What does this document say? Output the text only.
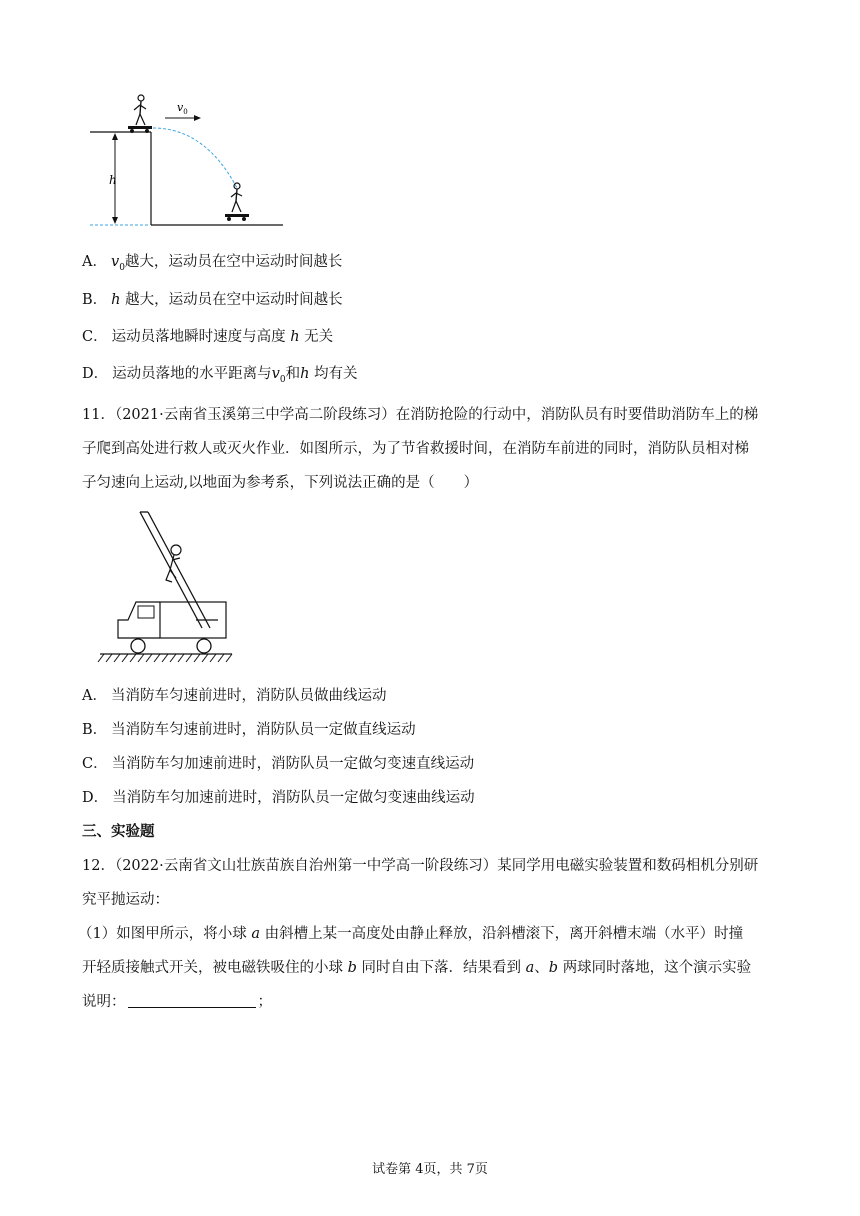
h
$v_0$
A． $v_0$越大，运动员在空中运动时间越长
B． h 越大，运动员在空中运动时间越长
C． 运动员落地瞬时速度与高度 h 无关
D． 运动员落地的水平距离与$v_0$和h 均有关
11．（2021·云南省玉溪第三中学高二阶段练习）在消防抢险的行动中，消防队员有时要借助消防车上的梯
子爬到高处进行救人或灭火作业．如图所示，为了节省救援时间，在消防车前进的同时，消防队员相对梯
子匀速向上运动,以地面为参考系，下列说法正确的是（　　）
A． 当消防车匀速前进时，消防队员做曲线运动
B． 当消防车匀速前进时，消防队员一定做直线运动
C． 当消防车匀加速前进时，消防队员一定做匀变速直线运动
D． 当消防车匀加速前进时，消防队员一定做匀变速曲线运动
三、实验题
12．（2022·云南省文山壮族苗族自治州第一中学高一阶段练习）某同学用电磁实验装置和数码相机分别研
究平抛运动：
（1）如图甲所示，将小球 a 由斜槽上某一高度处由静止释放，沿斜槽滚下，离开斜槽末端（水平）时撞
开轻质接触式开关，被电磁铁吸住的小球 b 同时自由下落．结果看到 a、b 两球同时落地，这个演示实验
说明：	；
试卷第 4页，共 7页
